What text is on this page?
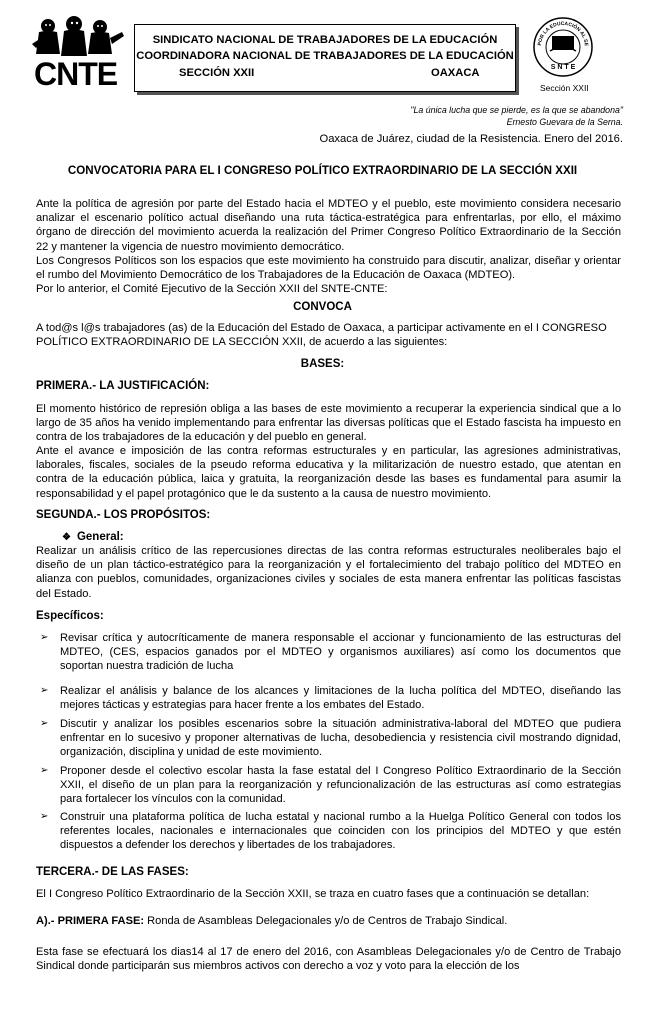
CNTE
SINDICATO NACIONAL DE TRABAJADORES DE LA EDUCACIÓN
COORDINADORA NACIONAL DE TRABAJADORES DE LA EDUCACIÓN
SECCIÓN XXII	OAXACA
POR LA EDUCACIÓN AL SE
S N T E
Sección XXII
"La única lucha que se pierde, es la que se abandona"
Ernesto Guevara de la Serna.
Oaxaca de Juárez, ciudad de la Resistencia. Enero del 2016.
CONVOCATORIA PARA EL I CONGRESO POLÍTICO EXTRAORDINARIO DE LA SECCIÓN XXII
Ante la política de agresión por parte del Estado hacia el MDTEO y el pueblo, este movimiento considera necesario analizar el escenario político actual diseñando una ruta táctica-estratégica para enfrentarlas, por ello, el máximo órgano de dirección del movimiento acuerda la realización del Primer Congreso Político Extraordinario de la Sección 22 y mantener la vigencia de nuestro movimiento democrático.
Los Congresos Políticos son los espacios que este movimiento ha construido para discutir, analizar, diseñar y orientar el rumbo del Movimiento Democrático de los Trabajadores de la Educación de Oaxaca (MDTEO).
Por lo anterior, el Comité Ejecutivo de la Sección XXII del SNTE-CNTE:
CONVOCA
A tod@s l@s trabajadores (as) de la Educación del Estado de Oaxaca, a participar activamente en el I CONGRESO POLÍTICO EXTRAORDINARIO DE LA SECCIÓN XXII, de acuerdo a las siguientes:
BASES:
PRIMERA.- LA JUSTIFICACIÓN:
El momento histórico de represión obliga a las bases de este movimiento a recuperar la experiencia sindical que a lo largo de 35 años ha venido implementando para enfrentar las diversas políticas que el Estado fascista ha impuesto en contra de los trabajadores de la educación y del pueblo en general.
Ante el avance e imposición de las contra reformas estructurales y en particular, las agresiones administrativas, laborales, fiscales, sociales de la pseudo reforma educativa y la militarización de nuestro estado, que atentan en contra de la educación pública, laica y gratuita, la reorganización desde las bases es fundamental para asumir la responsabilidad y el papel protagónico que le da sustento a la causa de nuestro movimiento.
SEGUNDA.- LOS PROPÓSITOS:
❖ General:
Realizar un análisis crítico de las repercusiones directas de las contra reformas estructurales neoliberales bajo el diseño de un plan táctico-estratégico para la reorganización y el fortalecimiento del trabajo político del MDTEO en alianza con pueblos, comunidades, organizaciones civiles y sociales de esta manera enfrentar las políticas fascistas del Estado.
Específicos:
➢ Revisar crítica y autocríticamente de manera responsable el accionar y funcionamiento de las estructuras del MDTEO, (CES, espacios ganados por el MDTEO y organismos auxiliares) así como los documentos que soportan nuestra tradición de lucha
➢ Realizar el análisis y balance de los alcances y limitaciones de la lucha política del MDTEO, diseñando las mejores tácticas y estrategias para hacer frente a los embates del Estado.
➢ Discutir y analizar los posibles escenarios sobre la situación administrativa-laboral del MDTEO que pudiera enfrentar en lo sucesivo y proponer alternativas de lucha, desobediencia y resistencia civil mostrando dignidad, organización, disciplina y unidad de este movimiento.
➢ Proponer desde el colectivo escolar hasta la fase estatal del I Congreso Político Extraordinario de la Sección XXII, el diseño de un plan para la reorganización y refuncionalización de las estructuras así como estrategias para fortalecer los vínculos con la comunidad.
➢ Construir una plataforma política de lucha estatal y nacional rumbo a la Huelga Político General con todos los referentes locales, nacionales e internacionales que coinciden con los principios del MDTEO y que estén dispuestos a defender los derechos y libertades de los trabajadores.
TERCERA.- DE LAS FASES:
El I Congreso Político Extraordinario de la Sección XXII, se traza en cuatro fases que a continuación se detallan:
A).- PRIMERA FASE: Ronda de Asambleas Delegacionales y/o de Centros de Trabajo Sindical.
Esta fase se efectuará los dias14 al 17 de enero del 2016, con Asambleas Delegacionales y/o de Centro de Trabajo Sindical donde participarán sus miembros activos con derecho a voz y voto para la elección de los
